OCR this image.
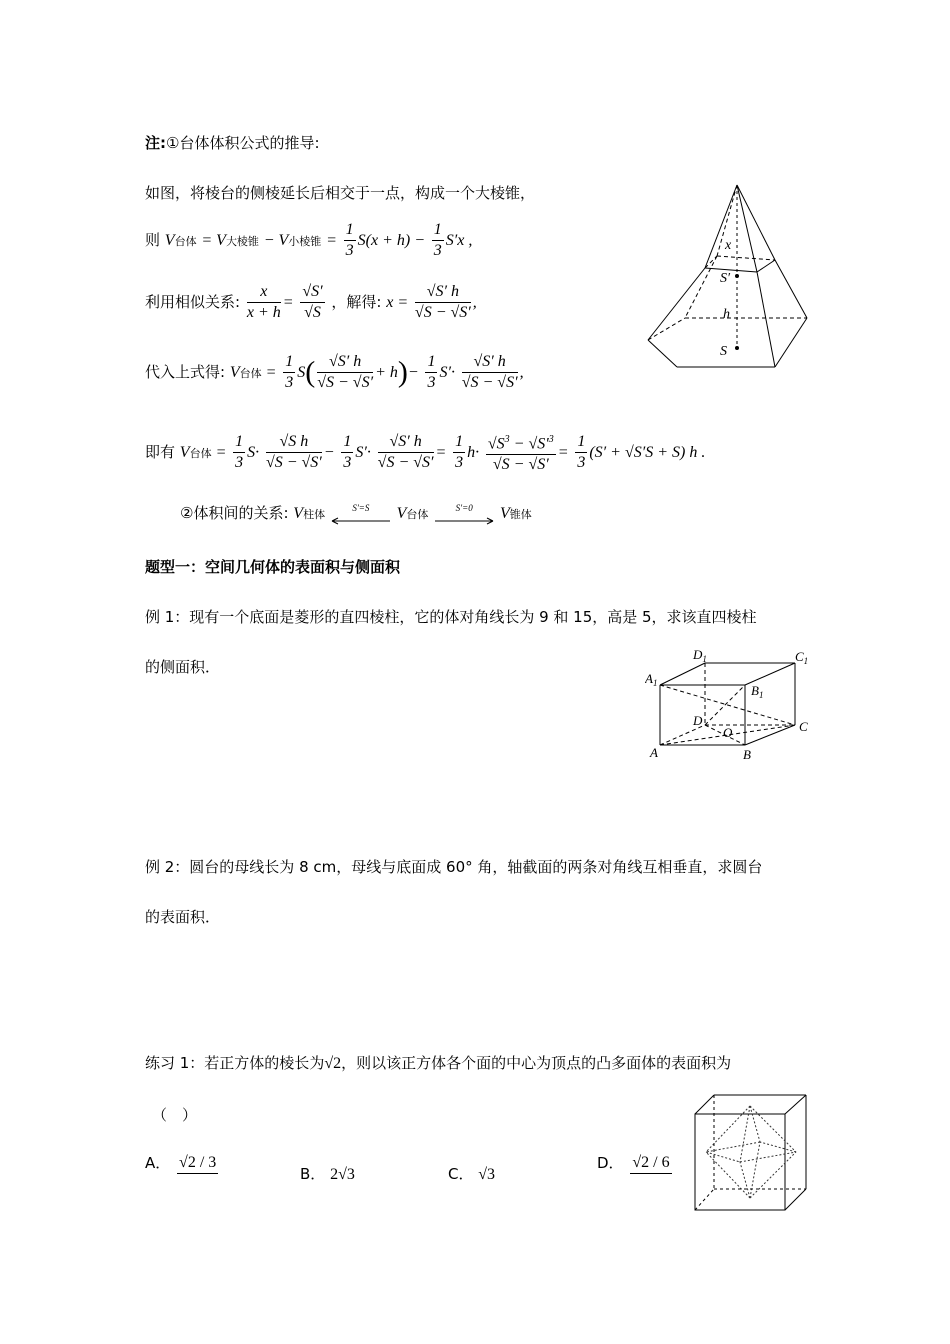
注:①台体体积公式的推导:
如图，将棱台的侧棱延长后相交于一点，构成一个大棱锥，
则 V台体 = V大棱锥 − V小棱锥 = $\frac{1}{3} S(x + h) - \frac{1}{3} S'x$ ,
利用相似关系: $\frac{x}{x + h} = \frac{√S'}{√S}$ ，解得: $x = \frac{√S' h}{√S - √S'}$ ,
代入上式得: V台体 = $\frac{1}{3} S( \frac{√S' h}{√S - √S'} + h)- \frac{1}{3} S'\cdot \frac{√S' h}{√S - √S'}$ ,
即有 V台体 = $\frac{1}{3} S\cdot \frac{\text{√S h}}{√S - √S'} - \frac{1}{3} S'\cdot \frac{√S' h}{√S - √S'} = \frac{1}{3} h\cdot \frac{√S^3 - √S'^3}{√S - √S'} = \frac{1}{3} (S' + √S'S + S)$ h .
②体积间的关系: V柱体 $^{S'=S}$ V台体 $^{S'=0}$ V锥体
x
S′
h
S
题型一：空间几何体的表面积与侧面积
例 1：现有一个底面是菱形的直四棱柱，它的体对角线长为 9 和 15，高是 5，求该直四棱柱
的侧面积．
$D_1$	$C_1$
$A_1$	$B_1$
D
O	C
A	B
例 2：圆台的母线长为 8 cm，母线与底面成 60° 角，轴截面的两条对角线互相垂直，求圆台
的表面积．
练习 1：若正方体的棱长为√2，则以该正方体各个面的中心为顶点的凸多面体的表面积为
（　）
A． √2 / 3
B． 2√3	C． √3
D． √2 / 6
